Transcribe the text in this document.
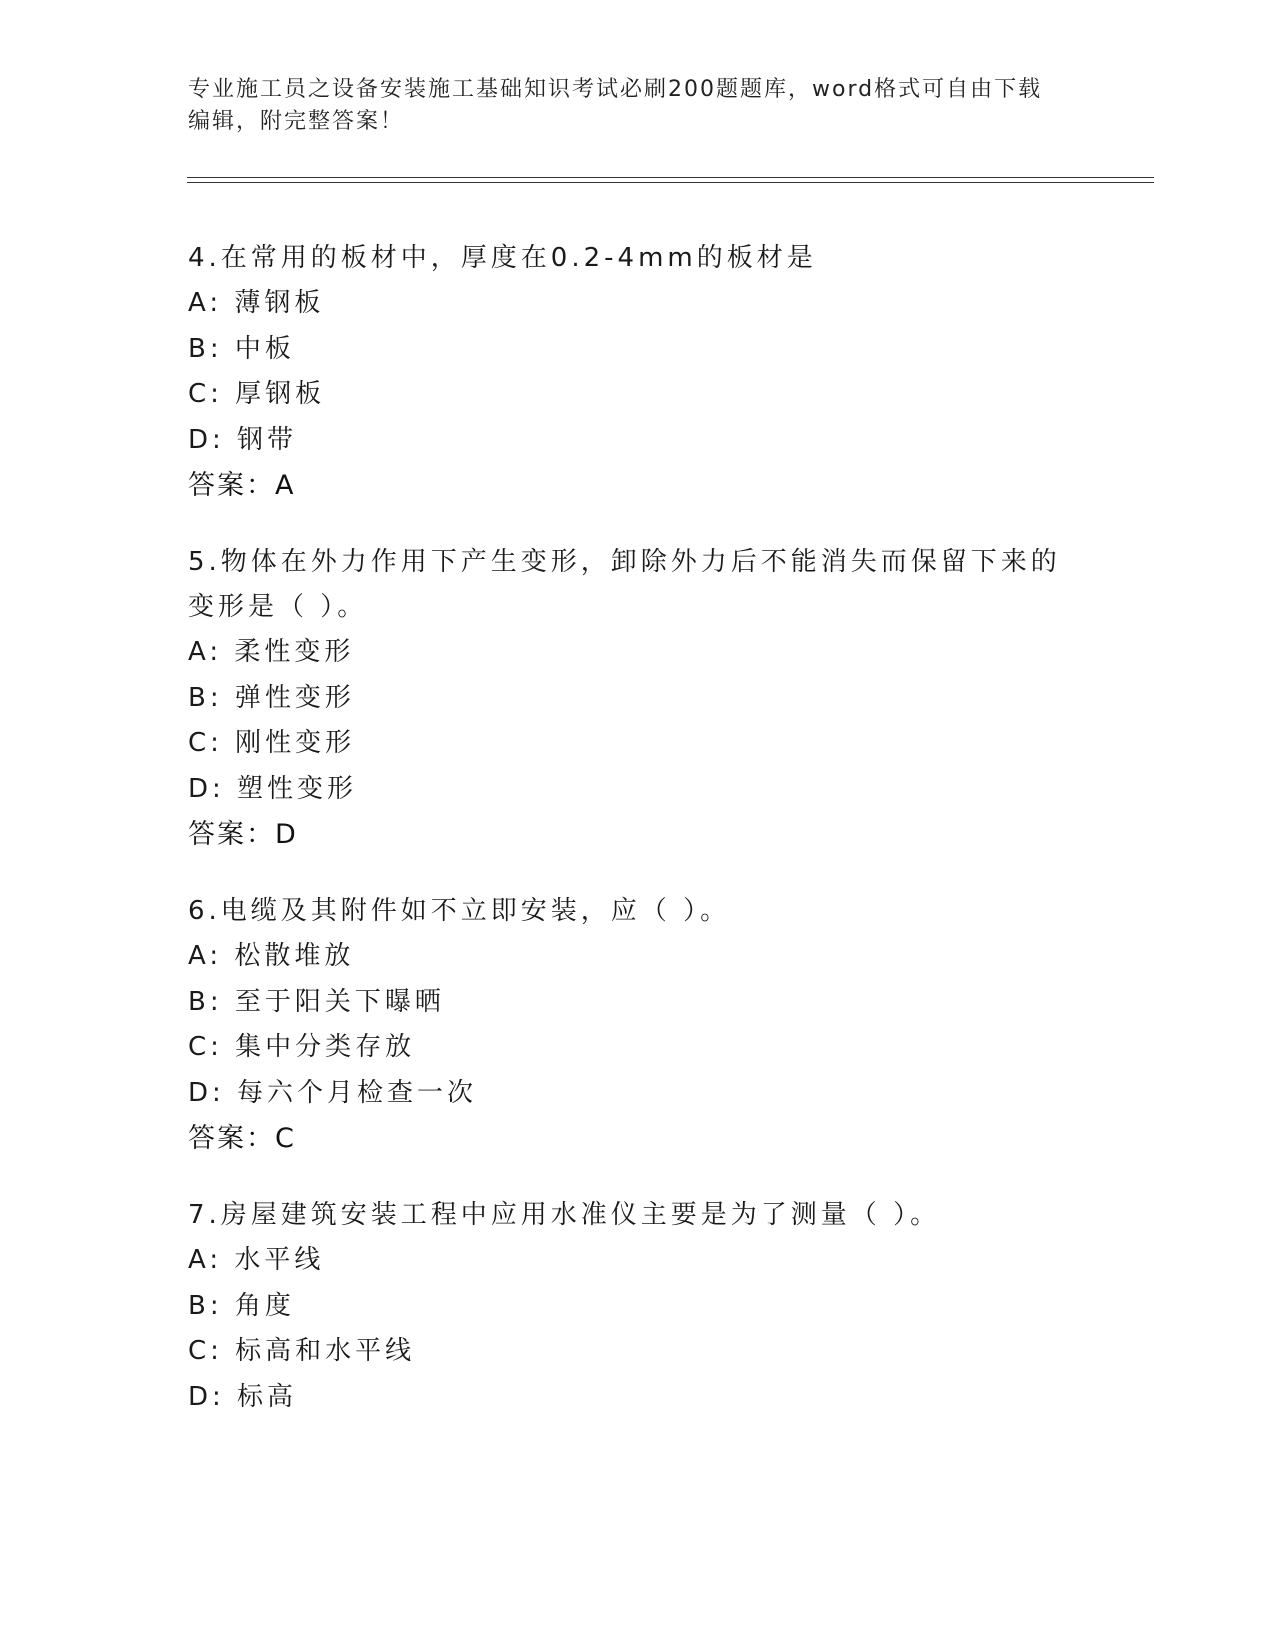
专业施工员之设备安装施工基础知识考试必刷200题题库，word格式可自由下载
编辑，附完整答案！

4.在常用的板材中，厚度在0.2-4mm的板材是

A: 薄钢板

B: 中板

C: 厚钢板

D: 钢带

答案：A

5.物体在外力作用下产生变形，卸除外力后不能消失而保留下来的变形是（ ）。

A: 柔性变形

B: 弹性变形

C: 刚性变形

D: 塑性变形

答案：D

6.电缆及其附件如不立即安装，应（ ）。

A: 松散堆放

B: 至于阳关下曝晒

C: 集中分类存放

D: 每六个月检查一次

答案：C

7.房屋建筑安装工程中应用水准仪主要是为了测量（ ）。

A: 水平线

B: 角度

C: 标高和水平线

D: 标高
